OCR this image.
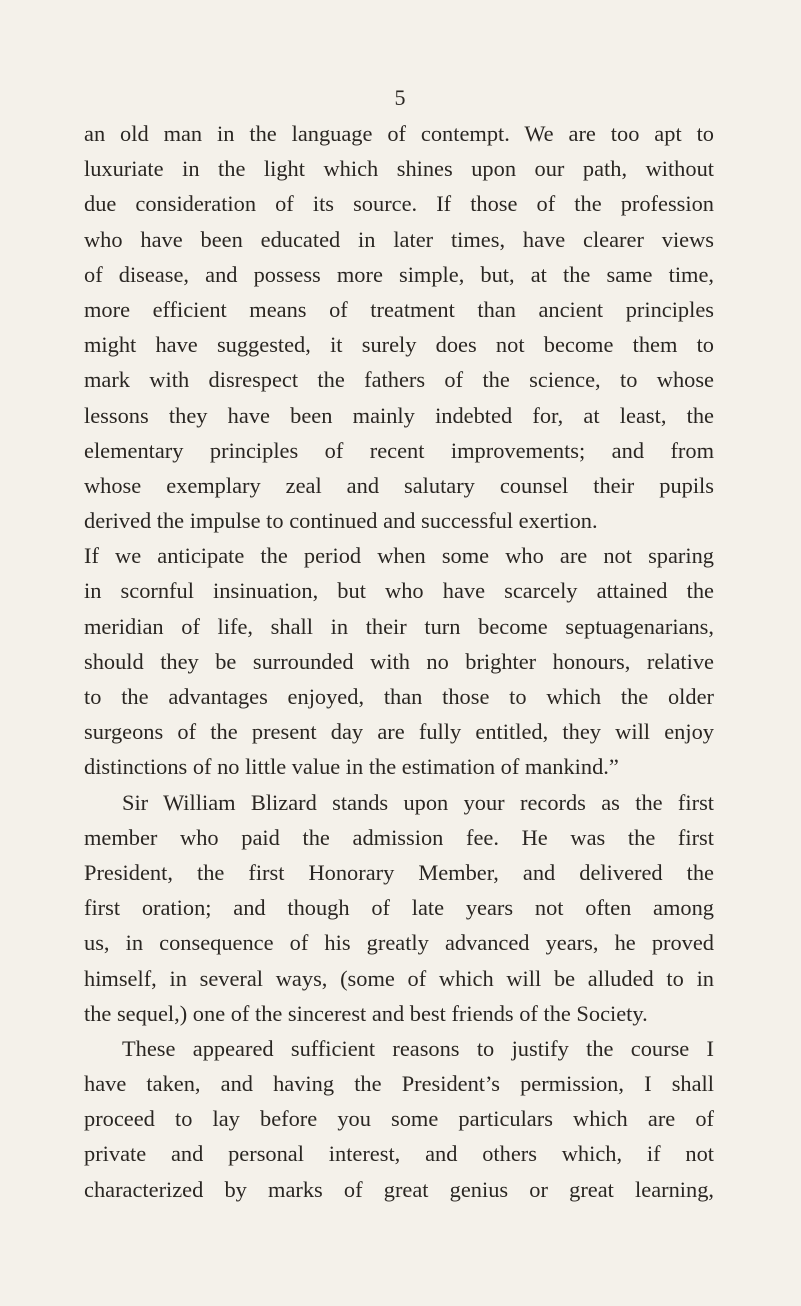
5
an old man in the language of contempt. We are too apt to
luxuriate in the light which shines upon our path, without
due consideration of its source. If those of the profession
who have been educated in later times, have clearer views
of disease, and possess more simple, but, at the same time,
more efficient means of treatment than ancient principles
might have suggested, it surely does not become them to
mark with disrespect the fathers of the science, to whose
lessons they have been mainly indebted for, at least, the
elementary principles of recent improvements; and from
whose exemplary zeal and salutary counsel their pupils
derived the impulse to continued and successful exertion.
If we anticipate the period when some who are not sparing
in scornful insinuation, but who have scarcely attained the
meridian of life, shall in their turn become septuagenarians,
should they be surrounded with no brighter honours, relative
to the advantages enjoyed, than those to which the older
surgeons of the present day are fully entitled, they will enjoy
distinctions of no little value in the estimation of mankind.”
Sir William Blizard stands upon your records as the first
member who paid the admission fee. He was the first
President, the first Honorary Member, and delivered the
first oration; and though of late years not often among
us, in consequence of his greatly advanced years, he proved
himself, in several ways, (some of which will be alluded to in
the sequel,) one of the sincerest and best friends of the Society.
These appeared sufficient reasons to justify the course I
have taken, and having the President’s permission, I shall
proceed to lay before you some particulars which are of
private and personal interest, and others which, if not
characterized by marks of great genius or great learning,
